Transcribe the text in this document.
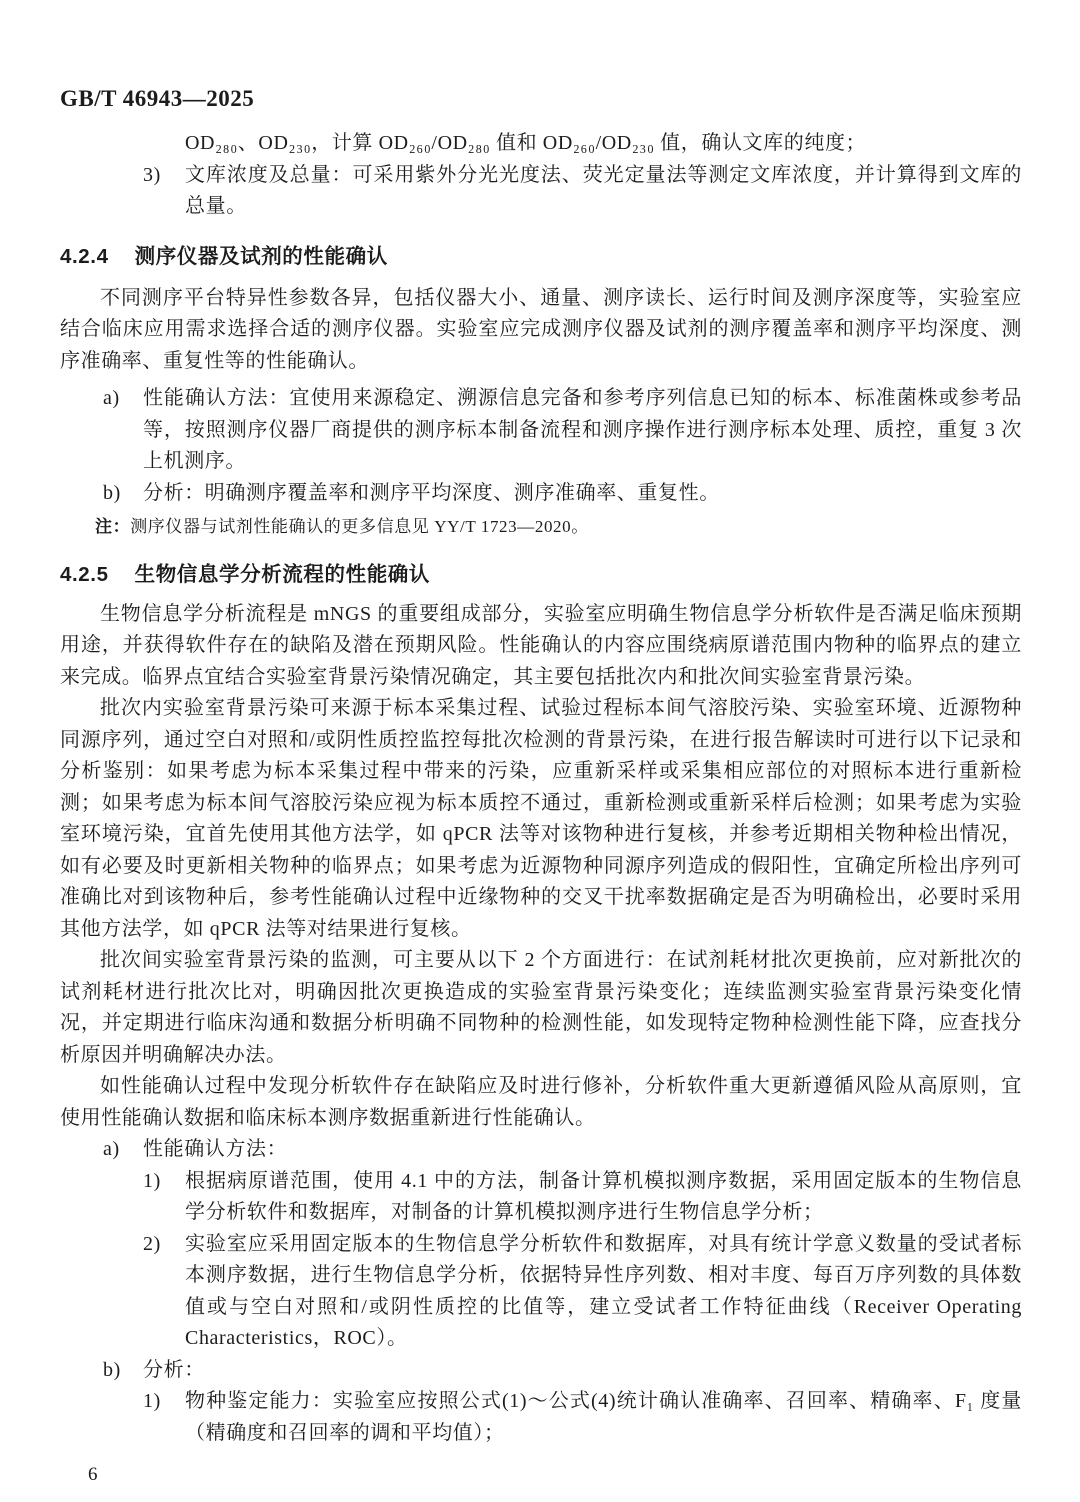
GB/T 46943—2025
OD₂₈₀、OD₂₃₀，计算 OD₂₆₀/OD₂₈₀ 值和 OD₂₆₀/OD₂₃₀ 值，确认文库的纯度；
3) 文库浓度及总量：可采用紫外分光光度法、荧光定量法等测定文库浓度，并计算得到文库的总量。
4.2.4 测序仪器及试剂的性能确认
不同测序平台特异性参数各异，包括仪器大小、通量、测序读长、运行时间及测序深度等，实验室应结合临床应用需求选择合适的测序仪器。实验室应完成测序仪器及试剂的测序覆盖率和测序平均深度、测序准确率、重复性等的性能确认。
a) 性能确认方法：宜使用来源稳定、溯源信息完备和参考序列信息已知的标本、标准菌株或参考品等，按照测序仪器厂商提供的测序标本制备流程和测序操作进行测序标本处理、质控，重复 3 次上机测序。
b) 分析：明确测序覆盖率和测序平均深度、测序准确率、重复性。
注：测序仪器与试剂性能确认的更多信息见 YY/T 1723—2020。
4.2.5 生物信息学分析流程的性能确认
生物信息学分析流程是 mNGS 的重要组成部分，实验室应明确生物信息学分析软件是否满足临床预期用途，并获得软件存在的缺陷及潜在预期风险。性能确认的内容应围绕病原谱范围内物种的临界点的建立来完成。临界点宜结合实验室背景污染情况确定，其主要包括批次内和批次间实验室背景污染。
批次内实验室背景污染可来源于标本采集过程、试验过程标本间气溶胶污染、实验室环境、近源物种同源序列，通过空白对照和/或阴性质控监控每批次检测的背景污染，在进行报告解读时可进行以下记录和分析鉴别：如果考虑为标本采集过程中带来的污染，应重新采样或采集相应部位的对照标本进行重新检测；如果考虑为标本间气溶胶污染应视为标本质控不通过，重新检测或重新采样后检测；如果考虑为实验室环境污染，宜首先使用其他方法学，如 qPCR 法等对该物种进行复核，并参考近期相关物种检出情况，如有必要及时更新相关物种的临界点；如果考虑为近源物种同源序列造成的假阳性，宜确定所检出序列可准确比对到该物种后，参考性能确认过程中近缘物种的交叉干扰率数据确定是否为明确检出，必要时采用其他方法学，如 qPCR 法等对结果进行复核。
批次间实验室背景污染的监测，可主要从以下 2 个方面进行：在试剂耗材批次更换前，应对新批次的试剂耗材进行批次比对，明确因批次更换造成的实验室背景污染变化；连续监测实验室背景污染变化情况，并定期进行临床沟通和数据分析明确不同物种的检测性能，如发现特定物种检测性能下降，应查找分析原因并明确解决办法。
如性能确认过程中发现分析软件存在缺陷应及时进行修补，分析软件重大更新遵循风险从高原则，宜使用性能确认数据和临床标本测序数据重新进行性能确认。
a) 性能确认方法：
1) 根据病原谱范围，使用 4.1 中的方法，制备计算机模拟测序数据，采用固定版本的生物信息学分析软件和数据库，对制备的计算机模拟测序进行生物信息学分析；
2) 实验室应采用固定版本的生物信息学分析软件和数据库，对具有统计学意义数量的受试者标本测序数据，进行生物信息学分析，依据特异性序列数、相对丰度、每百万序列数的具体数值或与空白对照和/或阴性质控的比值等，建立受试者工作特征曲线（Receiver Operating Characteristics，ROC）。
b) 分析：
1) 物种鉴定能力：实验室应按照公式(1)～公式(4)统计确认准确率、召回率、精确率、F₁ 度量（精确度和召回率的调和平均值）；
6
